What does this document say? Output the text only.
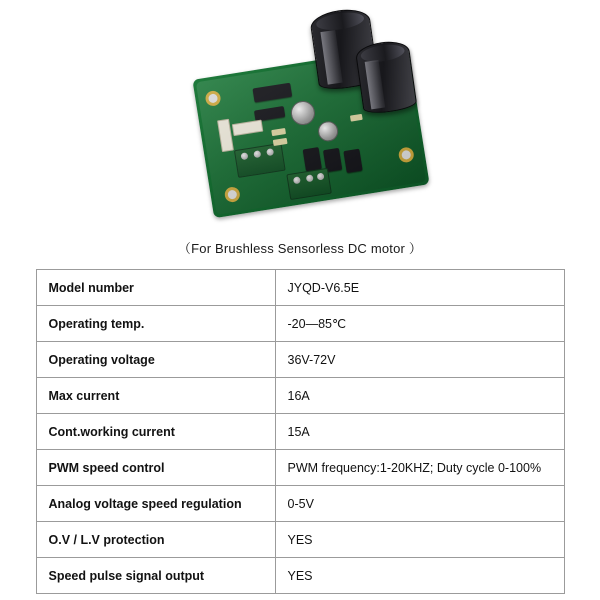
（For Brushless Sensorless DC motor ）
Model number	JYQD-V6.5E
Operating temp.	-20—85℃
Operating voltage	36V-72V
Max current	16A
Cont.working current	15A
PWM speed control	PWM frequency:1-20KHZ; Duty cycle 0-100%
Analog voltage speed regulation	0-5V
O.V / L.V protection	YES
Speed pulse signal output	YES
